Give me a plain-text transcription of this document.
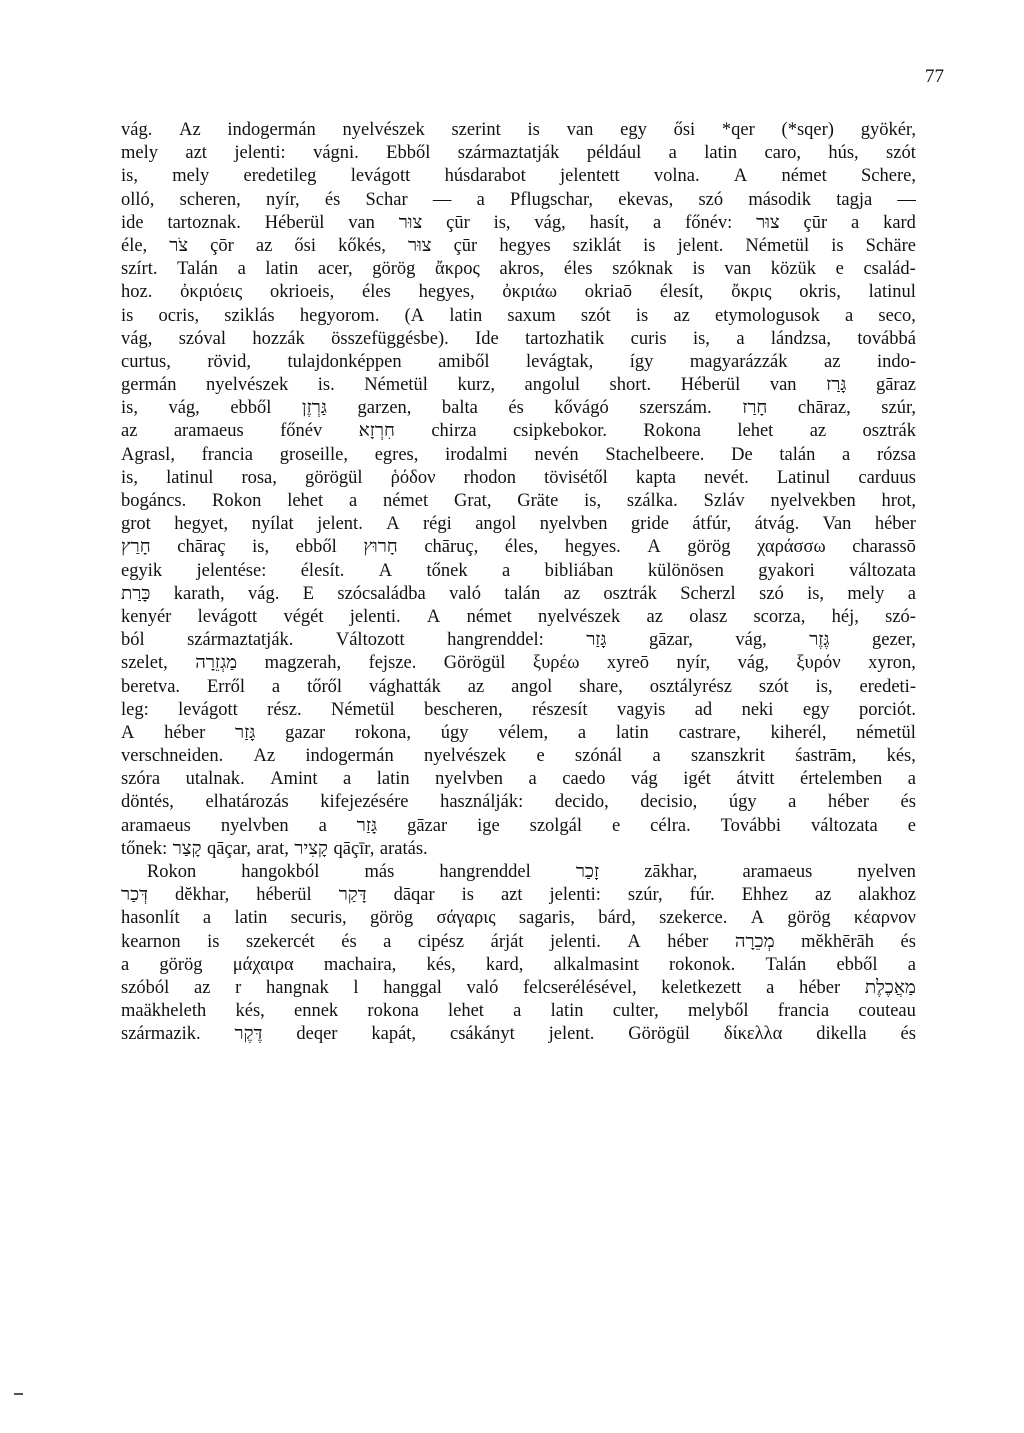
77
vág. Az indogermán nyelvészek szerint is van egy ősi *qer (*sqer) gyökér,
mely azt jelenti: vágni. Ebből származtatják például a latin caro, hús, szót
is, mely eredetileg levágott húsdarabot jelentett volna. A német Schere,
olló, scheren, nyír, és Schar — a Pflugschar, ekevas, szó második tagja —
ide tartoznak. Héberül van צוּר çūr is, vág, hasít, a főnév: צוּר çūr a kard
éle, צֹר çōr az ősi kőkés, צוּר çūr hegyes sziklát is jelent. Németül is Schäre
szírt. Talán a latin acer, görög ἄκρος akros, éles szóknak is van közük e család-
hoz. ὀκριόεις okrioeis, éles hegyes, ὀκριάω okriaō élesít, ὄκρις okris, latinul
is ocris, sziklás hegyorom. (A latin saxum szót is az etymologusok a seco,
vág, szóval hozzák összefüggésbe). Ide tartozhatik curis is, a lándzsa, továbbá
curtus, rövid, tulajdonképpen amiből levágtak, így magyarázzák az indo-
germán nyelvészek is. Németül kurz, angolul short. Héberül van גָּרַז gāraz
is, vág, ebből גַּרְזֶן garzen, balta és kővágó szerszám. חָרַז chāraz, szúr,
az aramaeus főnév חִרְזָא chirza csipkebokor. Rokona lehet az osztrák
Agrasl, francia groseille, egres, irodalmi nevén Stachelbeere. De talán a rózsa
is, latinul rosa, görögül ῥόδον rhodon tövisétől kapta nevét. Latinul carduus
bogáncs. Rokon lehet a német Grat, Gräte is, szálka. Szláv nyelvekben hrot,
grot hegyet, nyílat jelent. A régi angol nyelvben gride átfúr, átvág. Van héber
חָרַץ chāraç is, ebből חָרוּץ chāruç, éles, hegyes. A görög χαράσσω charassō
egyik jelentése: élesít. A tőnek a bibliában különösen gyakori változata
כָּרַת karath, vág. E szócsaládba való talán az osztrák Scherzl szó is, mely a
kenyér levágott végét jelenti. A német nyelvészek az olasz scorza, héj, szó-
ból származtatják. Változott hangrenddel: גָּזַר gāzar, vág, גֶּזֶר gezer,
szelet, מַגְזֵרָה magzerah, fejsze. Görögül ξυρέω xyreō nyír, vág, ξυρόν xyron,
beretva. Erről a tőről vághatták az angol share, osztályrész szót is, eredeti-
leg: levágott rész. Németül bescheren, részesít vagyis ad neki egy porciót.
A héber גָּזַר gazar rokona, úgy vélem, a latin castrare, kiherél, németül
verschneiden. Az indogermán nyelvészek e szónál a szanszkrit śastrām, kés,
szóra utalnak. Amint a latin nyelvben a caedo vág igét átvitt értelemben a
döntés, elhatározás kifejezésére használják: decido, decisio, úgy a héber és
aramaeus nyelvben a גָּזַר gāzar ige szolgál e célra. További változata e
tőnek: קָצַר qāçar, arat, קָצִיר qāçīr, aratás.
Rokon hangokból más hangrenddel זָכַר zākhar, aramaeus nyelven
דְּכַר dĕkhar, héberül דָּקַר dāqar is azt jelenti: szúr, fúr. Ehhez az alakhoz
hasonlít a latin securis, görög σάγαρις sagaris, bárd, szekerce. A görög κέαρνον
kearnon is szekercét és a cipész árját jelenti. A héber מְכֵרָה mĕkhērāh és
a görög μάχαιρα machaira, kés, kard, alkalmasint rokonok. Talán ebből a
szóból az r hangnak l hanggal való felcserélésével, keletkezett a héber מַאֲכֶלֶת
maäkheleth kés, ennek rokona lehet a latin culter, melyből francia couteau
származik. דֶּקֶר deqer kapát, csákányt jelent. Görögül δίκελλα dikella és
